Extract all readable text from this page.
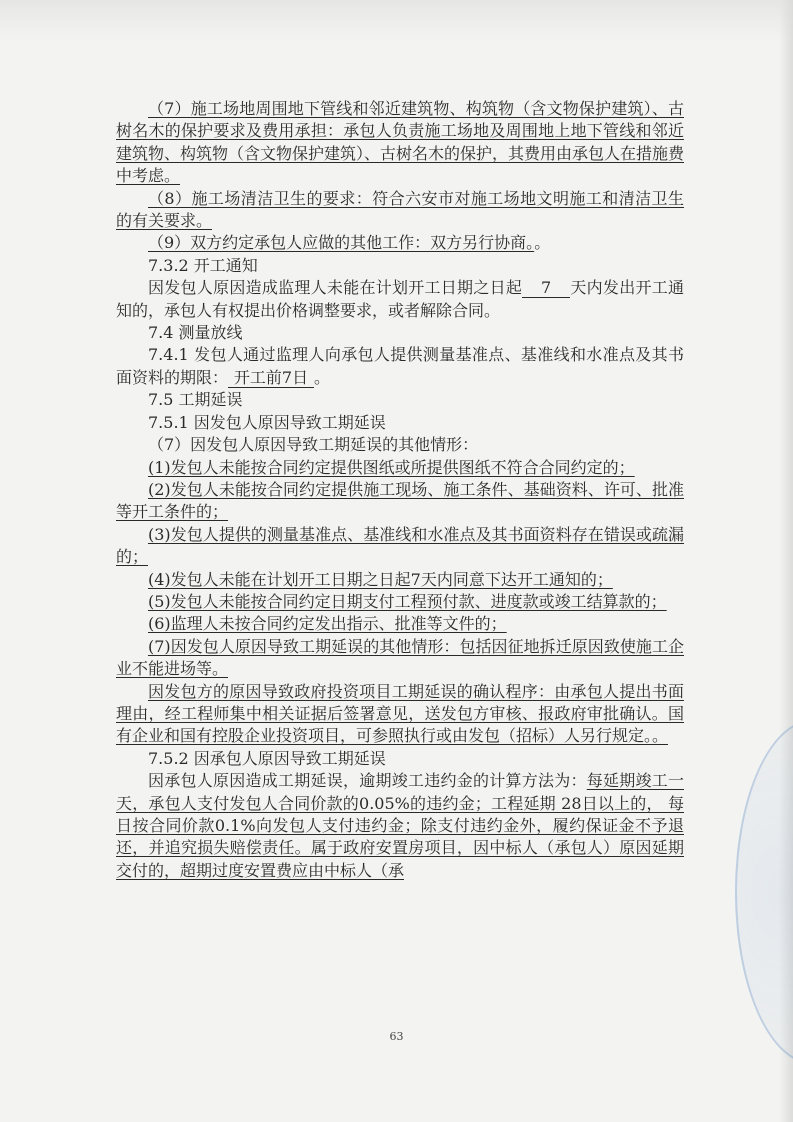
（7）施工场地周围地下管线和邻近建筑物、构筑物（含文物保护建筑）、古树名木的保护要求及费用承担：承包人负责施工场地及周围地上地下管线和邻近建筑物、构筑物（含文物保护建筑）、古树名木的保护，其费用由承包人在措施费中考虑。

（8）施工场清洁卫生的要求：符合六安市对施工场地文明施工和清洁卫生的有关要求。

（9）双方约定承包人应做的其他工作：双方另行协商。。

7.3.2 开工通知

因发包人原因造成监理人未能在计划开工日期之日起 7 天内发出开工通知的，承包人有权提出价格调整要求，或者解除合同。

7.4 测量放线

7.4.1 发包人通过监理人向承包人提供测量基准点、基准线和水准点及其书面资料的期限： 开工前7日 。

7.5 工期延误

7.5.1 因发包人原因导致工期延误

（7）因发包人原因导致工期延误的其他情形：

(1)发包人未能按合同约定提供图纸或所提供图纸不符合合同约定的；

(2)发包人未能按合同约定提供施工现场、施工条件、基础资料、许可、批准等开工条件的；

(3)发包人提供的测量基准点、基准线和水准点及其书面资料存在错误或疏漏的；

(4)发包人未能在计划开工日期之日起7天内同意下达开工通知的；

(5)发包人未能按合同约定日期支付工程预付款、进度款或竣工结算款的；

(6)监理人未按合同约定发出指示、批准等文件的；

(7)因发包人原因导致工期延误的其他情形：包括因征地拆迁原因致使施工企业不能进场等。

因发包方的原因导致政府投资项目工期延误的确认程序：由承包人提出书面理由，经工程师集中相关证据后签署意见，送发包方审核、报政府审批确认。国有企业和国有控股企业投资项目，可参照执行或由发包（招标）人另行规定。。

7.5.2 因承包人原因导致工期延误

因承包人原因造成工期延误，逾期竣工违约金的计算方法为：每延期竣工一天，承包人支付发包人合同价款的0.05%的违约金；工程延期 28日以上的， 每日按合同价款0.1%向发包人支付违约金；除支付违约金外，履约保证金不予退还，并追究损失赔偿责任。属于政府安置房项目，因中标人（承包人）原因延期交付的，超期过度安置费应由中标人（承

63
